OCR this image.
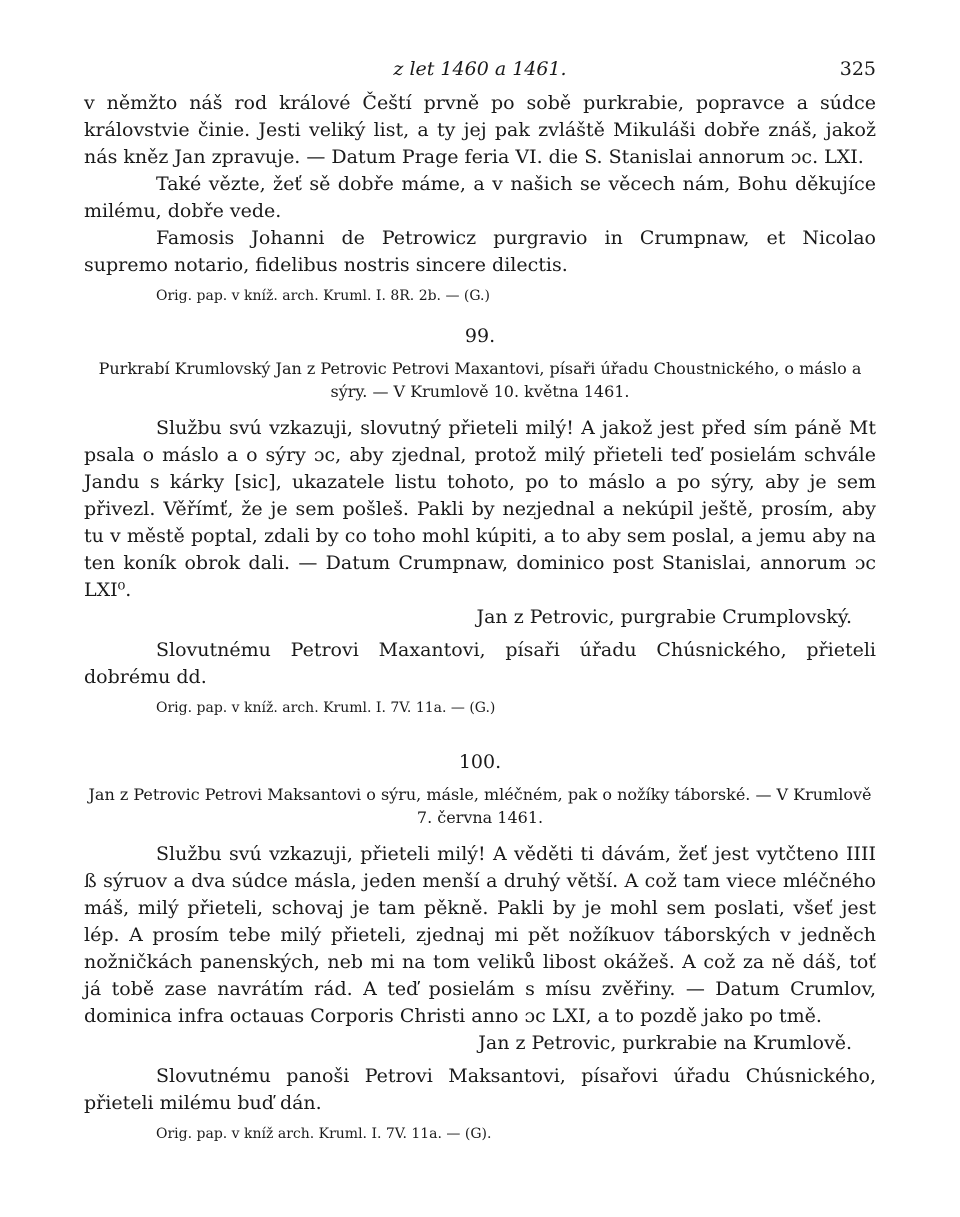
z let 1460 a 1461.	325

v němžto náš rod králové Čeští prvně po sobě purkrabie, popravce a súdce královstvie činie. Jesti veliký list, a ty jej pak zvláště Mikuláši dobře znáš, jakož nás kněz Jan zpravuje. — Datum Prage feria VI. die S. Stanislai annorum ɔc. LXI.

Také vězte, žeť sě dobře máme, a v našich se věcech nám, Bohu děkujíce milému, dobře vede.

Famosis Johanni de Petrowicz purgravio in Crumpnaw, et Nicolao supremo notario, fidelibus nostris sincere dilectis.

Orig. pap. v kníž. arch. Kruml. I. 8R. 2b. — (G.)

99.

Purkrabí Krumlovský Jan z Petrovic Petrovi Maxantovi, písaři úřadu Choustnického, o máslo a sýry. — V Krumlově 10. května 1461.

Službu svú vzkazuji, slovutný přieteli milý! A jakož jest před sím páně Mt psala o máslo a o sýry ɔc, aby zjednal, protož milý přieteli teď posielám schvále Jandu s kárky [sic], ukazatele listu tohoto, po to máslo a po sýry, aby je sem přivezl. Věřímť, že je sem pošleš. Pakli by nezjednal a nekúpil ještě, prosím, aby tu v městě poptal, zdali by co toho mohl kúpiti, a to aby sem poslal, a jemu aby na ten koník obrok dali. — Datum Crumpnaw, dominico post Stanislai, annorum ɔc LXI⁰.

Jan z Petrovic, purgrabie Crumplovský.

Slovutnému Petrovi Maxantovi, písaři úřadu Chúsnického, přieteli dobrému dd.

Orig. pap. v kníž. arch. Kruml. I. 7V. 11a. — (G.)

100.

Jan z Petrovic Petrovi Maksantovi o sýru, másle, mléčném, pak o nožíky táborské. — V Krumlově 7. června 1461.

Službu svú vzkazuji, přieteli milý! A věděti ti dávám, žeť jest vytčteno IIII ß sýruov a dva súdce másla, jeden menší a druhý větší. A což tam viece mléčného máš, milý přieteli, schovaj je tam pěkně. Pakli by je mohl sem poslati, všeť jest lép. A prosím tebe milý přieteli, zjednaj mi pět nožíkuov táborských v jedněch nožničkách panenských, neb mi na tom veliků libost okážeš. A což za ně dáš, toť já tobě zase navrátím rád. A teď posielám s mísu zvěřiny. — Datum Crumlov, dominica infra octauas Corporis Christi anno ɔc LXI, a to pozdě jako po tmě.

Jan z Petrovic, purkrabie na Krumlově.

Slovutnému panoši Petrovi Maksantovi, písařovi úřadu Chúsnického, přieteli milému buď dán.

Orig. pap. v kníž arch. Kruml. I. 7V. 11a. — (G).
